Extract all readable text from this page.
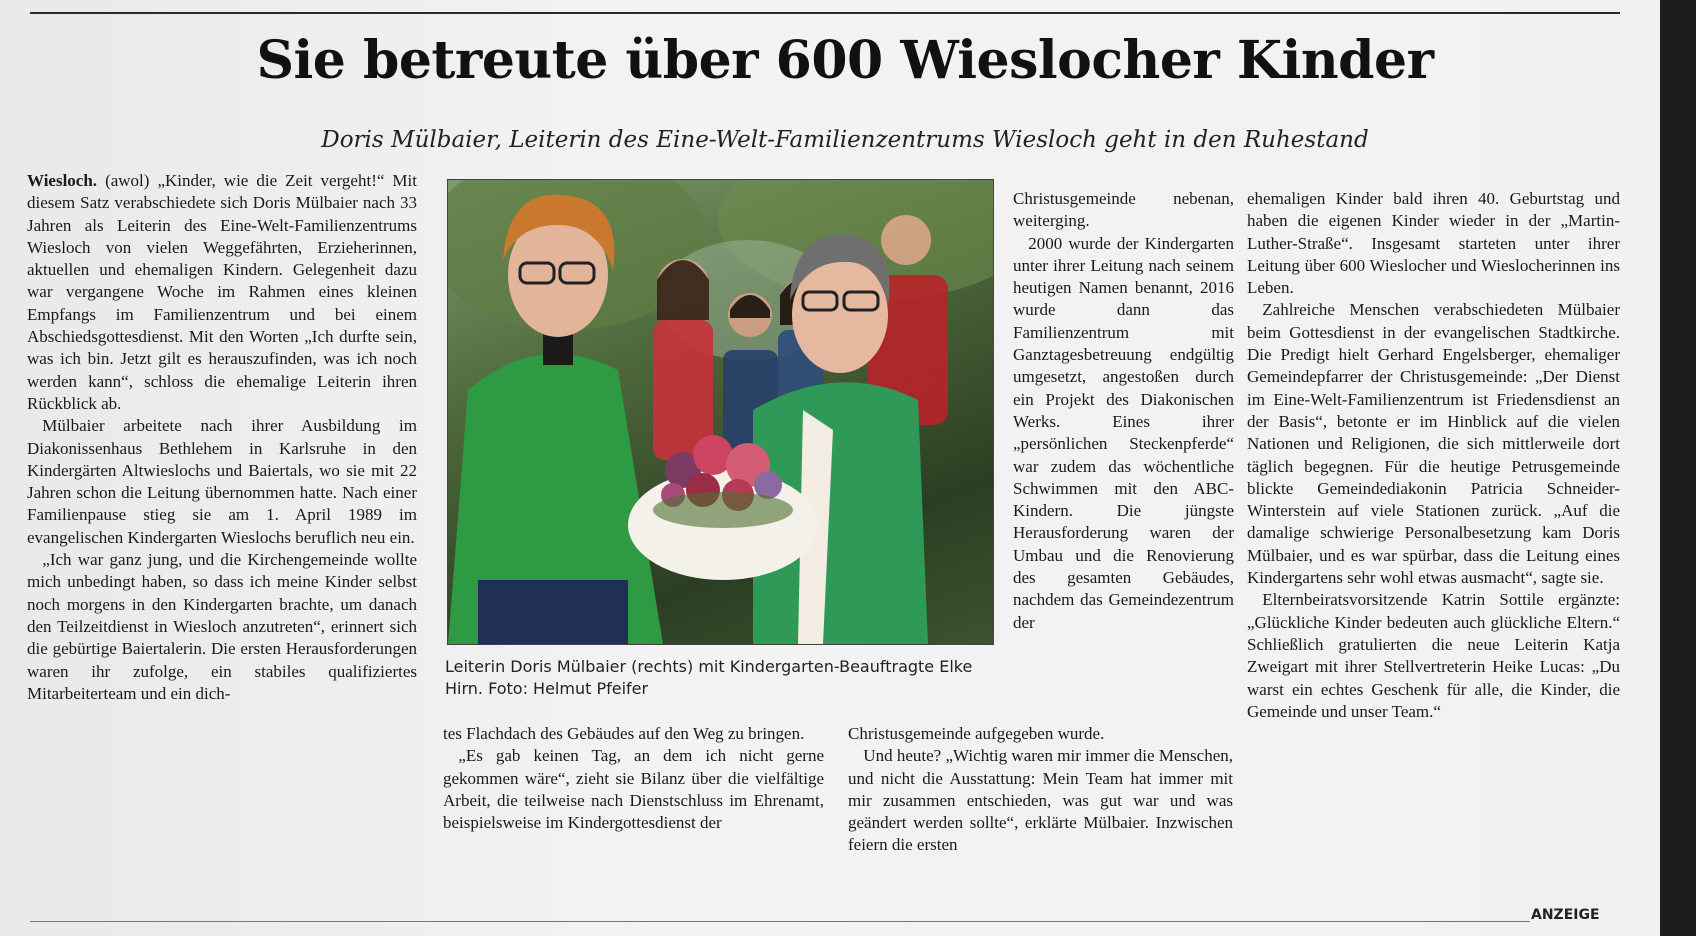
Sie betreute über 600 Wieslocher Kinder
Doris Mülbaier, Leiterin des Eine-Welt-Familienzentrums Wiesloch geht in den Ruhestand

Wiesloch. (awol) „Kinder, wie die Zeit vergeht!“ Mit diesem Satz verabschiedete sich Doris Mülbaier nach 33 Jahren als Leiterin des Eine-Welt-Familienzentrums Wiesloch von vielen Weggefährten, Erzieherinnen, aktuellen und ehemaligen Kindern. Gelegenheit dazu war vergangene Woche im Rahmen eines kleinen Empfangs im Familienzentrum und bei einem Abschiedsgottesdienst. Mit den Worten „Ich durfte sein, was ich bin. Jetzt gilt es herauszufinden, was ich noch werden kann“, schloss die ehemalige Leiterin ihren Rückblick ab.

Mülbaier arbeitete nach ihrer Ausbildung im Diakonissenhaus Bethlehem in Karlsruhe in den Kindergärten Altwieslochs und Baiertals, wo sie mit 22 Jahren schon die Leitung übernommen hatte. Nach einer Familienpause stieg sie am 1. April 1989 im evangelischen Kindergarten Wieslochs beruflich neu ein.

„Ich war ganz jung, und die Kirchengemeinde wollte mich unbedingt haben, so dass ich meine Kinder selbst noch morgens in den Kindergarten brachte, um danach den Teilzeitdienst in Wiesloch anzutreten“, erinnert sich die gebürtige Baiertalerin. Die ersten Herausforderungen waren ihr zufolge, ein stabiles qualifiziertes Mitarbeiterteam und ein dich-

Leiterin Doris Mülbaier (rechts) mit Kindergarten-Beauftragte Elke Hirn. Foto: Helmut Pfeifer

tes Flachdach des Gebäudes auf den Weg zu bringen.

„Es gab keinen Tag, an dem ich nicht gerne gekommen wäre“, zieht sie Bilanz über die vielfältige Arbeit, die teilweise nach Dienstschluss im Ehrenamt, beispielsweise im Kindergottesdienst der

Christusgemeinde nebenan, weiterging.

2000 wurde der Kindergarten unter ihrer Leitung nach seinem heutigen Namen benannt, 2016 wurde dann das Familienzentrum mit Ganztagesbetreuung endgültig umgesetzt, angestoßen durch ein Projekt des Diakonischen Werks. Eines ihrer „persönlichen Steckenpferde“ war zudem das wöchentliche Schwimmen mit den ABC-Kindern. Die jüngste Herausforderung waren der Umbau und die Renovierung des gesamten Gebäudes, nachdem das Gemeindezentrum der

Christusgemeinde aufgegeben wurde.

Und heute? „Wichtig waren mir immer die Menschen, und nicht die Ausstattung: Mein Team hat immer mit mir zusammen entschieden, was gut war und was geändert werden sollte“, erklärte Mülbaier. Inzwischen feiern die ersten

ehemaligen Kinder bald ihren 40. Geburtstag und haben die eigenen Kinder wieder in der „Martin-Luther-Straße“. Insgesamt starteten unter ihrer Leitung über 600 Wieslocher und Wieslocherinnen ins Leben.

Zahlreiche Menschen verabschiedeten Mülbaier beim Gottesdienst in der evangelischen Stadtkirche. Die Predigt hielt Gerhard Engelsberger, ehemaliger Gemeindepfarrer der Christusgemeinde: „Der Dienst im Eine-Welt-Familienzentrum ist Friedensdienst an der Basis“, betonte er im Hinblick auf die vielen Nationen und Religionen, die sich mittlerweile dort täglich begegnen. Für die heutige Petrusgemeinde blickte Gemeindediakonin Patricia Schneider-Winterstein auf viele Stationen zurück. „Auf die damalige schwierige Personalbesetzung kam Doris Mülbaier, und es war spürbar, dass die Leitung eines Kindergartens sehr wohl etwas ausmacht“, sagte sie.

Elternbeiratsvorsitzende Katrin Sottile ergänzte: „Glückliche Kinder bedeuten auch glückliche Eltern.“ Schließlich gratulierten die neue Leiterin Katja Zweigart mit ihrer Stellvertreterin Heike Lucas: „Du warst ein echtes Geschenk für alle, die Kinder, die Gemeinde und unser Team.“

ANZEIGE
